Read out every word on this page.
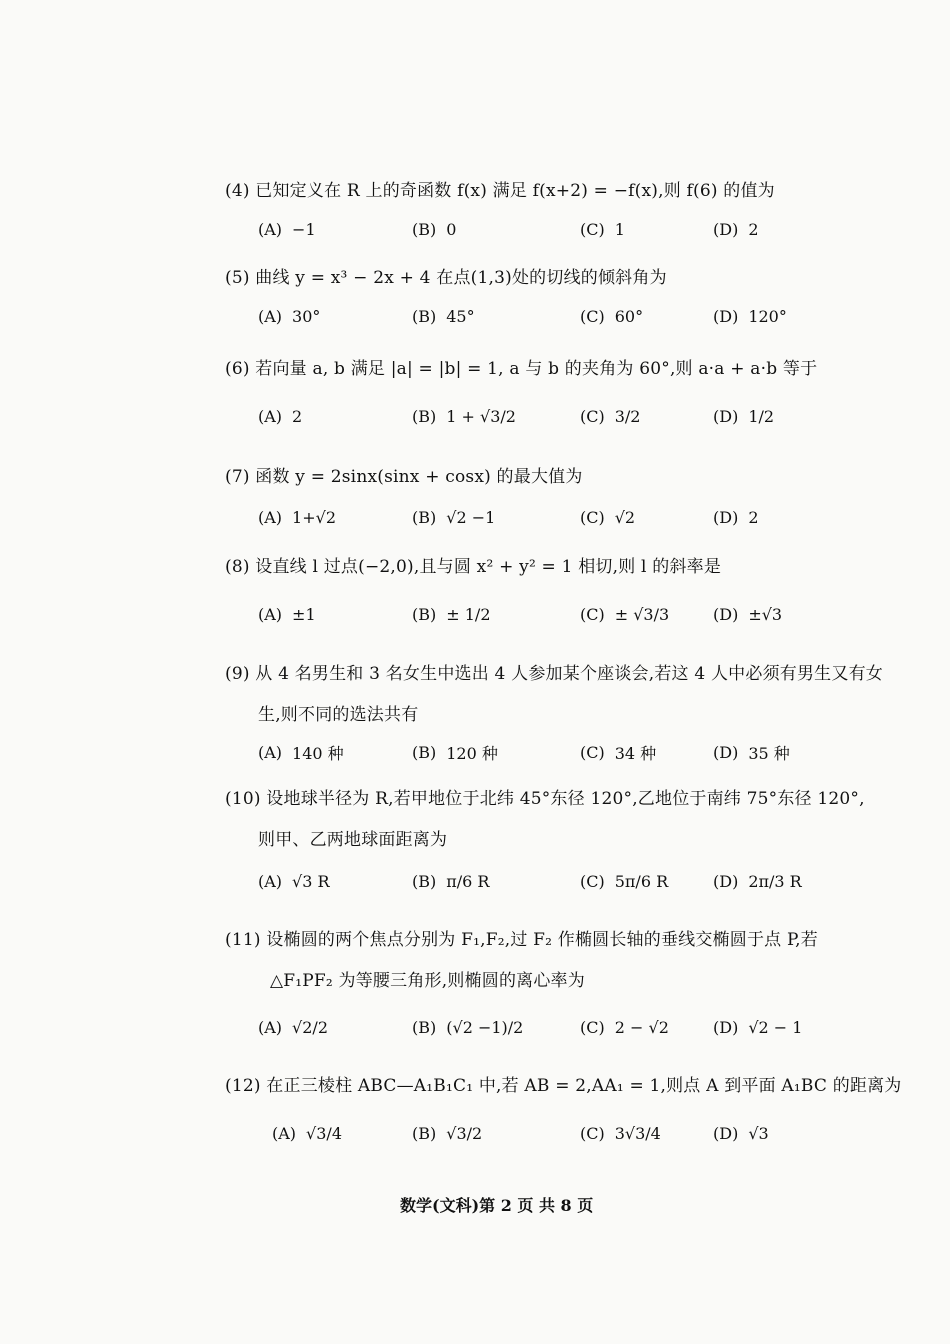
(4) 已知定义在 R 上的奇函数 f(x) 满足 f(x+2) = −f(x),则 f(6) 的值为
(A) −1	(B) 0	(C) 1	(D) 2
(5) 曲线 y = x³ − 2x + 4 在点(1,3)处的切线的倾斜角为
(A) 30°	(B) 45°	(C) 60°	(D) 120°
(6) 若向量 a, b 满足 |a| = |b| = 1, a 与 b 的夹角为 60°,则 a·a + a·b 等于
(A) 2	(B) 1 + √3/2	(C) 3/2	(D) 1/2
(7) 函数 y = 2sinx(sinx + cosx) 的最大值为
(A) 1+√2	(B) √2 −1	(C) √2	(D) 2
(8) 设直线 l 过点(−2,0),且与圆 x² + y² = 1 相切,则 l 的斜率是
(A) ±1	(B) ± 1/2	(C) ± √3/3	(D) ±√3
(9) 从 4 名男生和 3 名女生中选出 4 人参加某个座谈会,若这 4 人中必须有男生又有女
生,则不同的选法共有
(A) 140 种	(B) 120 种	(C) 34 种	(D) 35 种
(10) 设地球半径为 R,若甲地位于北纬 45°东径 120°,乙地位于南纬 75°东径 120°,
则甲、乙两地球面距离为
(A) √3 R	(B) π/6 R	(C) 5π/6 R	(D) 2π/3 R
(11) 设椭圆的两个焦点分别为 F₁,F₂,过 F₂ 作椭圆长轴的垂线交椭圆于点 P,若
△F₁PF₂ 为等腰三角形,则椭圆的离心率为
(A) √2/2	(B) (√2 −1)/2	(C) 2 − √2	(D) √2 − 1
(12) 在正三棱柱 ABC—A₁B₁C₁ 中,若 AB = 2,AA₁ = 1,则点 A 到平面 A₁BC 的距离为
(A) √3/4	(B) √3/2	(C) 3√3/4	(D) √3
数学(文科)第 2 页 共 8 页
